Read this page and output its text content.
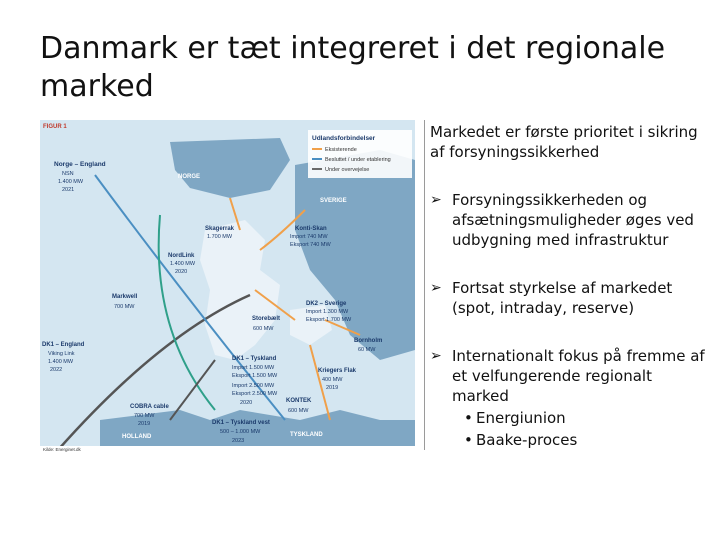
Danmark er tæt integreret i det regionale marked
FIGUR 1
Udlandsforbindelser
Eksisterende
Besluttet / under etablering
Under overvejelse
NORGE
SVERIGE
HOLLAND	TYSKLAND
Norge – England
NSN
1.400 MW
2021
Skagerrak
1.700 MW
Konti-Skan
Import 740 MW
Eksport 740 MW
NordLink
1.400 MW
2020
Markwell
700 MW
Storebælt
600 MW
DK2 – Sverige
Import 1.300 MW
Eksport 1.700 MW
Bornholm
60 MW
DK1 – England
Viking Link
1.400 MW
2022
DK1 – Tyskland
Import 1.500 MW
Eksport 1.500 MW
Import 2.500 MW
Eksport 2.500 MW
2020
Kriegers Flak
400 MW
2019
KONTEK
600 MW
COBRA cable
700 MW
2019	DK1 – Tyskland vest
500 – 1.000 MW
2023
Kilde: Energinet.dk
Markedet er første prioritet i sikring af forsyningssikkerhed
➢ Forsyningssikkerheden og afsætningsmuligheder øges ved udbygning med infrastruktur
➢ Fortsat styrkelse af markedet (spot, intraday, reserve)
➢ Internationalt fokus på fremme af et velfungerende regionalt marked
• Energiunion
• Baake-proces
